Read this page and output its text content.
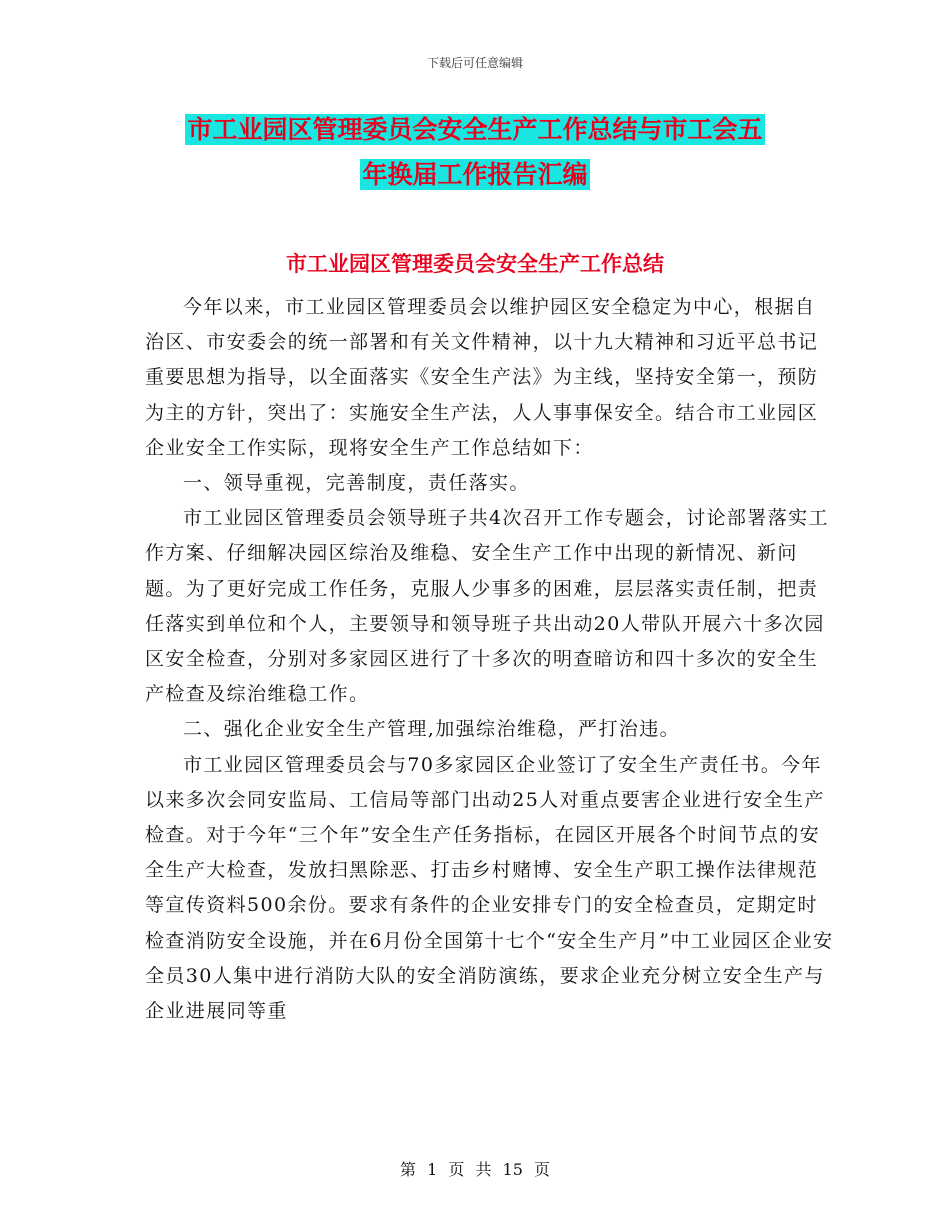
下载后可任意编辑
市工业园区管理委员会安全生产工作总结与市工会五
年换届工作报告汇编
市工业园区管理委员会安全生产工作总结

今年以来，市工业园区管理委员会以维护园区安全稳定为中心，根据自治区、市安委会的统一部署和有关文件精神，以十九大精神和习近平总书记重要思想为指导，以全面落实《安全生产法》为主线，坚持安全第一，预防为主的方针，突出了：实施安全生产法，人人事事保安全。结合市工业园区企业安全工作实际，现将安全生产工作总结如下：

一、领导重视，完善制度，责任落实。

市工业园区管理委员会领导班子共4次召开工作专题会，讨论部署落实工作方案、仔细解决园区综治及维稳、安全生产工作中出现的新情况、新问题。为了更好完成工作任务，克服人少事多的困难，层层落实责任制，把责任落实到单位和个人，主要领导和领导班子共出动20人带队开展六十多次园区安全检查，分别对多家园区进行了十多次的明查暗访和四十多次的安全生产检查及综治维稳工作。

二、强化企业安全生产管理,加强综治维稳，严打治违。

市工业园区管理委员会与70多家园区企业签订了安全生产责任书。今年以来多次会同安监局、工信局等部门出动25人对重点要害企业进行安全生产检查。对于今年“三个年”安全生产任务指标，在园区开展各个时间节点的安全生产大检查，发放扫黑除恶、打击乡村赌博、安全生产职工操作法律规范等宣传资料500余份。要求有条件的企业安排专门的安全检查员，定期定时检查消防安全设施，并在6月份全国第十七个“安全生产月”中工业园区企业安全员30人集中进行消防大队的安全消防演练，要求企业充分树立安全生产与企业进展同等重

第 1 页 共 15 页
